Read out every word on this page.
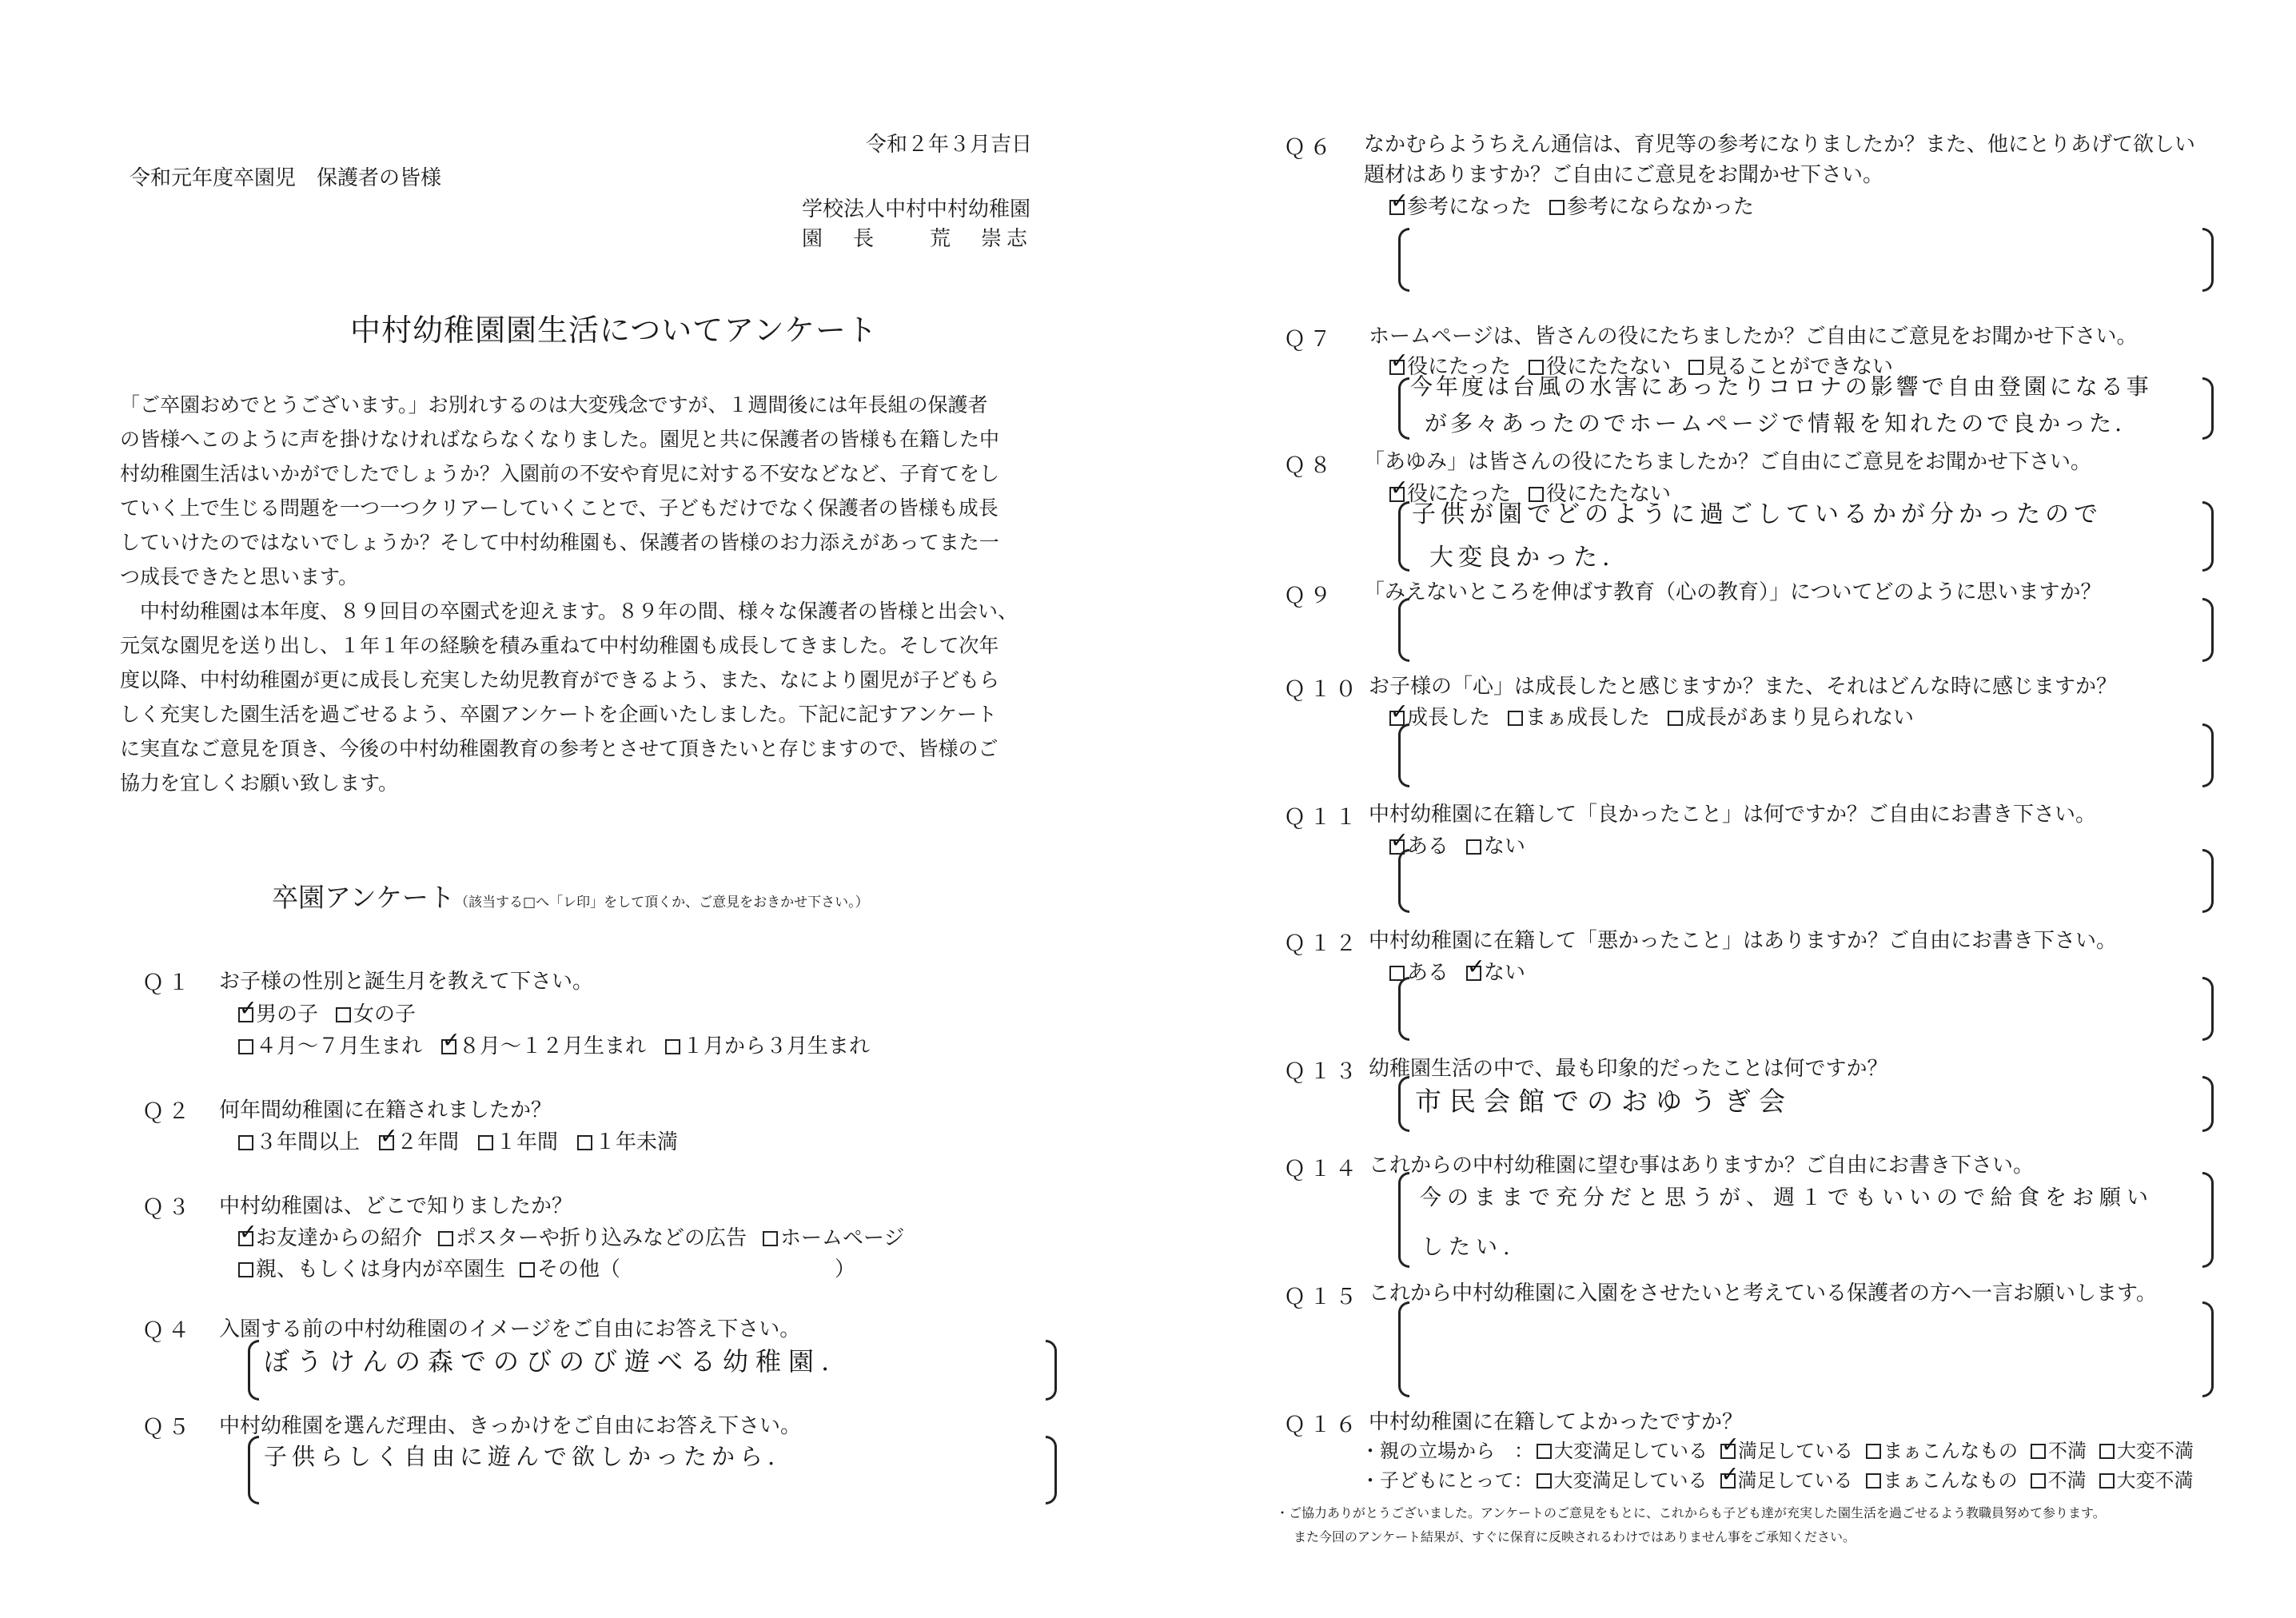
令和２年３月吉日
令和元年度卒園児　保護者の皆様
学校法人中村中村幼稚園
園　長　　荒　崇志
中村幼稚園園生活についてアンケート
「ご卒園おめでとうございます。」お別れするのは大変残念ですが、１週間後には年長組の保護者
の皆様へこのように声を掛けなければならなくなりました。園児と共に保護者の皆様も在籍した中
村幼稚園生活はいかがでしたでしょうか？入園前の不安や育児に対する不安などなど、子育てをし
ていく上で生じる問題を一つ一つクリアーしていくことで、子どもだけでなく保護者の皆様も成長
していけたのではないでしょうか？そして中村幼稚園も、保護者の皆様のお力添えがあってまた一
つ成長できたと思います。
　中村幼稚園は本年度、８９回目の卒園式を迎えます。８９年の間、様々な保護者の皆様と出会い、
元気な園児を送り出し、１年１年の経験を積み重ねて中村幼稚園も成長してきました。そして次年
度以降、中村幼稚園が更に成長し充実した幼児教育ができるよう、また、なにより園児が子どもら
しく充実した園生活を過ごせるよう、卒園アンケートを企画いたしました。下記に記すアンケート
に実直なご意見を頂き、今後の中村幼稚園教育の参考とさせて頂きたいと存じますので、皆様のご
協力を宜しくお願い致します。
卒園アンケート（該当する□へ「レ印」をして頂くか、ご意見をおきかせ下さい。）
Ｑ１ お子様の性別と誕生月を教えて下さい。
✓男の子 女の子
４月～７月生まれ ✓ ８月～１２月生まれ １月から３月生まれ
Ｑ２ 何年間幼稚園に在籍されましたか？
３年間以上 ✓ ２年間 １年間 １年未満
Ｑ３ 中村幼稚園は、どこで知りましたか？
✓お友達からの紹介 ポスターや折り込みなどの広告 ホームページ
親、もしくは身内が卒園生 その他（	）
Ｑ４ 入園する前の中村幼稚園のイメージをご自由にお答え下さい。
ぼうけんの森でのびのび遊べる幼稚園.
Ｑ５ 中村幼稚園を選んだ理由、きっかけをご自由にお答え下さい。
子供らしく自由に遊んで欲しかったから.
Ｑ６ なかむらようちえん通信は、育児等の参考になりましたか？また、他にとりあげて欲しい
題材はありますか？ご自由にご意見をお聞かせ下さい。
✓参考になった 参考にならなかった
Ｑ７ ホームページは、皆さんの役にたちましたか？ご自由にご意見をお聞かせ下さい。
✓役にたった 役にたたない 見ることができない
今年度は台風の水害にあったりコロナの影響で自由登園になる事
が多々あったのでホームページで情報を知れたので良かった.
Ｑ８ 「あゆみ」は皆さんの役にたちましたか？ご自由にご意見をお聞かせ下さい。
✓役にたった 役にたたない
子供が園でどのように過ごしているかが分かったので
大変良かった.
Ｑ９ 「みえないところを伸ばす教育（心の教育）」についてどのように思いますか？
Ｑ１０ お子様の「心」は成長したと感じますか？また、それはどんな時に感じますか？
✓成長した まぁ成長した 成長があまり見られない
Ｑ１１ 中村幼稚園に在籍して「良かったこと」は何ですか？ご自由にお書き下さい。
✓ある ない
Ｑ１２ 中村幼稚園に在籍して「悪かったこと」はありますか？ご自由にお書き下さい。
ある ✓ ない
Ｑ１３ 幼稚園生活の中で、最も印象的だったことは何ですか？
市民会館でのおゆうぎ会
Ｑ１４ これからの中村幼稚園に望む事はありますか？ご自由にお書き下さい。
今のままで充分だと思うが、週１でもいいので給食をお願い
したい.
Ｑ１５ これから中村幼稚園に入園をさせたいと考えている保護者の方へ一言お願いします。
Ｑ１６ 中村幼稚園に在籍してよかったですか？
・親の立場から　： 大変満足している ✓ 満足している まぁこんなもの 不満 大変不満
・子どもにとって： 大変満足している ✓ 満足している まぁこんなもの 不満 大変不満
・ご協力ありがとうございました。アンケートのご意見をもとに、これからも子ども達が充実した園生活を過ごせるよう教職員努めて参ります。
また今回のアンケート結果が、すぐに保育に反映されるわけではありません事をご承知ください。
